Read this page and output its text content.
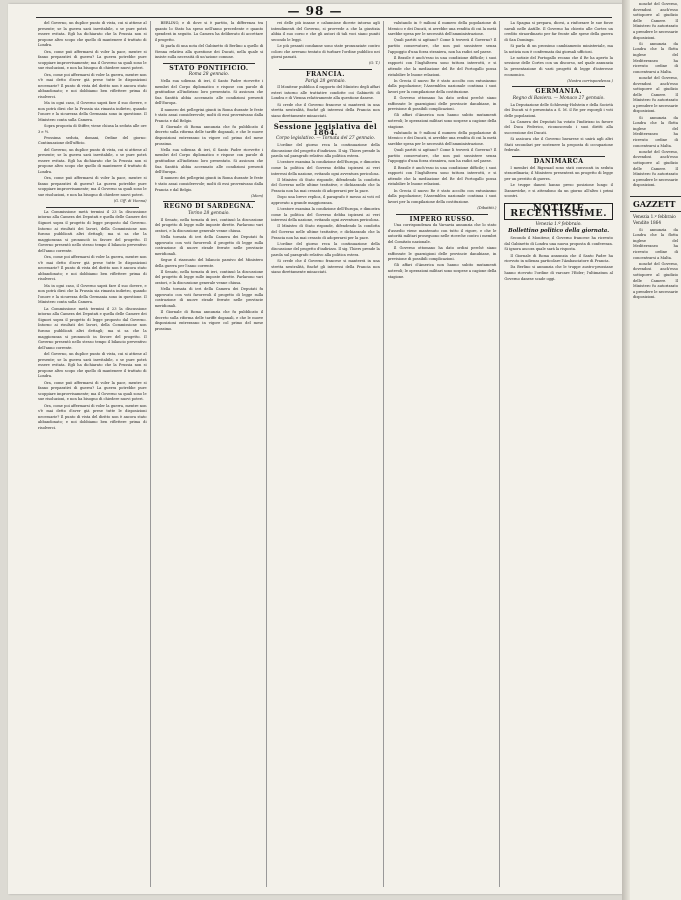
— 98 —

del Governo, un duplice punto di vista, cui si attiene al presente; se la guerra sarà inevitabile, o se pure potrà essere evitata. Egli ha dichiarato che la Prussia non si propone altro scopo che quello di mantenere il trattato di Londra.

Ora, come può affermarsi di voler la pace, mentre si fanno preparativi di guerra? La guerra potrebbe pure scoppiare improvvisamente; ma il Governo sa quali sono le sue risoluzioni, e non ha bisogno di chiedere nuovi poteri.

Ora, come poi affermarsi di voler la guerra, mentre non s'è mai detto d'aver già prese tutte le disposizioni necessarie? Il punto di vista del diritto non è ancora stato abbandonato; e noi dobbiamo ben riflettere prima di risolverci.

Ma in ogni caso, il Governo saprà fare il suo dovere, e non potrà dirsi che la Prussia sia rimasta indietro, quando l'onore e la sicurezza della Germania sono in questione. Il Ministero conta sulla Camera.

Sopra proposta di Stiffer, viene chiusa la seduta alle ore 3 e ½.

Prossima seduta, domani, Ordine del giorno: Continuazione dell'ufficio.

del Governo, un duplice punto di vista, cui si attiene al presente; se la guerra sarà inevitabile, o se pure potrà essere evitata. Egli ha dichiarato che la Prussia non si propone altro scopo che quello di mantenere il trattato di Londra.

Ora, come può affermarsi di voler la pace, mentre si fanno preparativi di guerra? La guerra potrebbe pure scoppiare improvvisamente; ma il Governo sa quali sono le sue risoluzioni, e non ha bisogno di chiedere nuovi poteri.

(G. Uff. di Vienna)

La Commissione metà termini il 23 la discussione intorno alla Camera dei Deputati e quella delle Camere dei Signori sopra il progetto di legge proposto dal Governo. Intorno ai risultati dei lavori, della Commissione non furono pubblicati altri dettagli; ma si sa che la maggioranza si pronunciò in favore del progetto. Il Governo presentò nello stesso tempo il bilancio preventivo dell'anno corrente.

Ora, come poi affermarsi di voler la guerra, mentre non s'è mai detto d'aver già prese tutte le disposizioni necessarie? Il punto di vista del diritto non è ancora stato abbandonato; e noi dobbiamo ben riflettere prima di risolverci.

Ma in ogni caso, il Governo saprà fare il suo dovere, e non potrà dirsi che la Prussia sia rimasta indietro, quando l'onore e la sicurezza della Germania sono in questione. Il Ministero conta sulla Camera.

La Commissione metà termini il 23 la discussione intorno alla Camera dei Deputati e quella delle Camere dei Signori sopra il progetto di legge proposto dal Governo. Intorno ai risultati dei lavori, della Commissione non furono pubblicati altri dettagli; ma si sa che la maggioranza si pronunciò in favore del progetto. Il Governo presentò nello stesso tempo il bilancio preventivo dell'anno corrente.

del Governo, un duplice punto di vista, cui si attiene al presente; se la guerra sarà inevitabile, o se pure potrà essere evitata. Egli ha dichiarato che la Prussia non si propone altro scopo che quello di mantenere il trattato di Londra.

Ora, come può affermarsi di voler la pace, mentre si fanno preparativi di guerra? La guerra potrebbe pure scoppiare improvvisamente; ma il Governo sa quali sono le sue risoluzioni, e non ha bisogno di chiedere nuovi poteri.

Ora, come poi affermarsi di voler la guerra, mentre non s'è mai detto d'aver già prese tutte le disposizioni necessarie? Il punto di vista del diritto non è ancora stato abbandonato; e noi dobbiamo ben riflettere prima di risolverci.

BERLINO, e di dove si è partito, la differenza tra quanto lo Stato ha speso nell'anno precedente e quanto spenderà in seguito. La Camera ha deliberato di accettare il progetto.

Si parla di una nota del Gabinetto di Berlino a quello di Vienna relativa alla questione dei Ducati, nella quale si insiste sulla necessità di un'azione comune.

STATO PONTIFICIO.
Roma 28 gennaio.

Nella sua udienza di ieri, il Santo Padre ricevette i membri del Corpo diplomatico e rispose con parole di gratitudine all'indirizzo loro presentato. Si assicura che Sua Santità abbia accennato alle condizioni presenti dell'Europa.

Il numero dei pellegrini giunti in Roma durante le feste è stato assai considerevole; molti di essi provenivano dalla Francia e dal Belgio.

Il Giornale di Roma annunzia che fu pubblicato il decreto sulla riforma delle tariffe doganali, e che le nuove disposizioni entreranno in vigore col primo del mese prossimo.

Nella sua udienza di ieri, il Santo Padre ricevette i membri del Corpo diplomatico e rispose con parole di gratitudine all'indirizzo loro presentato. Si assicura che Sua Santità abbia accennato alle condizioni presenti dell'Europa.

Il numero dei pellegrini giunti in Roma durante le feste è stato assai considerevole; molti di essi provenivano dalla Francia e dal Belgio.

(Idem)
REGNO DI SARDEGNA.
Torino 28 gennaio.

Il Senato, nella tornata di ieri, continuò la discussione del progetto di legge sulle imposte dirette. Parlarono vari oratori, e la discussione generale venne chiusa.

Nella tornata di ieri della Camera dei Deputati fu approvato con voti favorevoli il progetto di legge sulla costruzione di nuove strade ferrate nelle provincie meridionali.

Segue il riassunto del bilancio passivo del Ministero della guerra per l'anno corrente.

Il Senato, nella tornata di ieri, continuò la discussione del progetto di legge sulle imposte dirette. Parlarono vari oratori, e la discussione generale venne chiusa.

Nella tornata di ieri della Camera dei Deputati fu approvato con voti favorevoli il progetto di legge sulla costruzione di nuove strade ferrate nelle provincie meridionali.

Il Giornale di Roma annunzia che fu pubblicato il decreto sulla riforma delle tariffe doganali, e che le nuove disposizioni entreranno in vigore col primo del mese prossimo.

rei delle più insane e calunniose dicerie intorno agli intendimenti del Governo, si provvede a che la giustizia abbia il suo corso e che gli autori di tali voci siano puniti secondo le leggi.

Le più pesanti condanne sono state pronunziate contro coloro che avevano tentato di turbare l'ordine pubblico nei giorni passati.

(O. T.)
FRANCIA.
Parigi 28 gennaio.

Il Moniteur pubblica il rapporto del Ministro degli affari esteri intorno alle trattative condotte coi Gabinetti di Londra e di Vienna relativamente alla questione danese.

Si crede che il Governo francese si manterrà in una stretta neutralità, finché gli interessi della Francia non siano direttamente minacciati.

Sessione legislativa del 1864.
Corpo legislativo. — Tornata del 27 gennaio.

L'ordine del giorno reca la continuazione della discussione del progetto d'indirizzo. Il sig. Thiers prende la parola sul paragrafo relativo alla politica estera.

L'oratore esamina la condizione dell'Europa, e dimostra come la politica del Governo debba ispirarsi ai veri interessi della nazione, evitando ogni avventura pericolosa.

Il Ministro di Stato risponde, difendendo la condotta del Governo nelle ultime trattative, e dichiarando che la Francia non ha mai cessato di adoperarsi per la pace.

Dopo una breve replica, il paragrafo è messo ai voti ed approvato a grande maggioranza.

L'oratore esamina la condizione dell'Europa, e dimostra come la politica del Governo debba ispirarsi ai veri interessi della nazione, evitando ogni avventura pericolosa.

Il Ministro di Stato risponde, difendendo la condotta del Governo nelle ultime trattative, e dichiarando che la Francia non ha mai cessato di adoperarsi per la pace.

L'ordine del giorno reca la continuazione della discussione del progetto d'indirizzo. Il sig. Thiers prende la parola sul paragrafo relativo alla politica estera.

Si crede che il Governo francese si manterrà in una stretta neutralità, finché gli interessi della Francia non siano direttamente minacciati.

valutando in 9 milioni il numero della popolazione di Messico e dei Ducati, si avrebbe una rendita di cui la metà sarebbe spesa per le necessità dell'amministrazione.

Quali partiti si agitano? Come li troverà il Governo? Il partito conservatore, che non può sussistere senza l'appoggio d'una forza straniera, non ha radici nel paese.

Il Brasile è anch'esso in una condizione difficile; i suoi rapporti con l'Inghilterra sono tuttora interrotti, e si attende che la mediazione del Re del Portogallo possa ristabilire le buone relazioni.

In Grecia il nuovo Re è stato accolto con entusiasmo dalla popolazione; l'Assemblea nazionale continua i suoi lavori per la compilazione della costituzione.

Il Governo ottomano ha dato ordini perché siano rafforzate le guarnigioni delle provincie danubiane, in previsione di possibili complicazioni.

Gli affari d'America non hanno subito mutamenti notevoli; le operazioni militari sono sospese a cagione della stagione.

valutando in 9 milioni il numero della popolazione di Messico e dei Ducati, si avrebbe una rendita di cui la metà sarebbe spesa per le necessità dell'amministrazione.

Quali partiti si agitano? Come li troverà il Governo? Il partito conservatore, che non può sussistere senza l'appoggio d'una forza straniera, non ha radici nel paese.

Il Brasile è anch'esso in una condizione difficile; i suoi rapporti con l'Inghilterra sono tuttora interrotti, e si attende che la mediazione del Re del Portogallo possa ristabilire le buone relazioni.

In Grecia il nuovo Re è stato accolto con entusiasmo dalla popolazione; l'Assemblea nazionale continua i suoi lavori per la compilazione della costituzione.

(Dibattiti.)
IMPERO RUSSO.

Una corrispondenza da Varsavia annunzia che lo stato d'assedio viene mantenuto con tutto il rigore, e che le autorità militari proseguono nelle ricerche contro i membri del Comitato nazionale.

Il Governo ottomano ha dato ordini perché siano rafforzate le guarnigioni delle provincie danubiane, in previsione di possibili complicazioni.

Gli affari d'America non hanno subito mutamenti notevoli; le operazioni militari sono sospese a cagione della stagione.

La Spagna si prepara, dicesi, a rinforzare le sue forze navali nelle Antille. Il Governo ha chiesto alle Cortes un credito straordinario per far fronte alle spese della guerra di San Domingo.

Si parla di un prossimo cambiamento ministeriale, ma la notizia non è confermata dai giornali ufficiosi.

Le notizie del Portogallo recano che il Re ha aperto la sessione delle Cortes con un discorso, nel quale annunzia la presentazione di varii progetti di legge d'interesse economico.

(Nostra corrispondenza.)
GERMANIA.
Regno di Baviera. — Monaco 27 gennaio.

La Deputazione delle Schleswig-Holstein e della Società dei Ducati si è presentata a S. M. il Re per esporgli i voti delle popolazioni.

La Camera dei Deputati ha votato l'indirizzo in favore del Duca Federico, riconoscendo i suoi diritti alla successione dei Ducati.

Si assicura che il Governo bavarese si unirà agli altri Stati secondari per sostenere la proposta di occupazione federale.

DANIMARCA

I membri del Rigsraad sono stati convocati in seduta straordinaria; il Ministero presenterà un progetto di legge per un prestito di guerra.

Le truppe danesi hanno preso posizione lungo il Dannevirke, e si attendono da un giorno all'altro i primi scontri.

NOTIZIE RECENTISSIME.
Venezia 1.º febbraio.
Bollettino politico della giornata.

Secondo il Moniteur, il Governo francese ha ricevuto dal Gabinetto di Londra una nuova proposta di conferenza. Si ignora ancora quale sarà la risposta.

Il Giornale di Roma annunzia che il Santo Padre ha ricevuto in udienza particolare l'Ambasciatore di Francia.

Da Berlino si annunzia che le truppe austro-prussiane hanno ricevuto l'ordine di varcare l'Eider; l'ultimatum al Governo danese scade oggi.

nonché del Governo, dovendosi anch'esso sottoporre al giudizio delle Camere. Il Ministero fu autorizzato a prendere le necessarie disposizioni.

Si annunzia da Londra che la flotta inglese del Mediterraneo ha ricevuto ordine di concentrarsi a Malta.

nonché del Governo, dovendosi anch'esso sottoporre al giudizio delle Camere. Il Ministero fu autorizzato a prendere le necessarie disposizioni.

Si annunzia da Londra che la flotta inglese del Mediterraneo ha ricevuto ordine di concentrarsi a Malta.

nonché del Governo, dovendosi anch'esso sottoporre al giudizio delle Camere. Il Ministero fu autorizzato a prendere le necessarie disposizioni.

GAZZETT
Venezia 1.º febbraio
Vendite 1864

Si annunzia da Londra che la flotta inglese del Mediterraneo ha ricevuto ordine di concentrarsi a Malta.

nonché del Governo, dovendosi anch'esso sottoporre al giudizio delle Camere. Il Ministero fu autorizzato a prendere le necessarie disposizioni.
